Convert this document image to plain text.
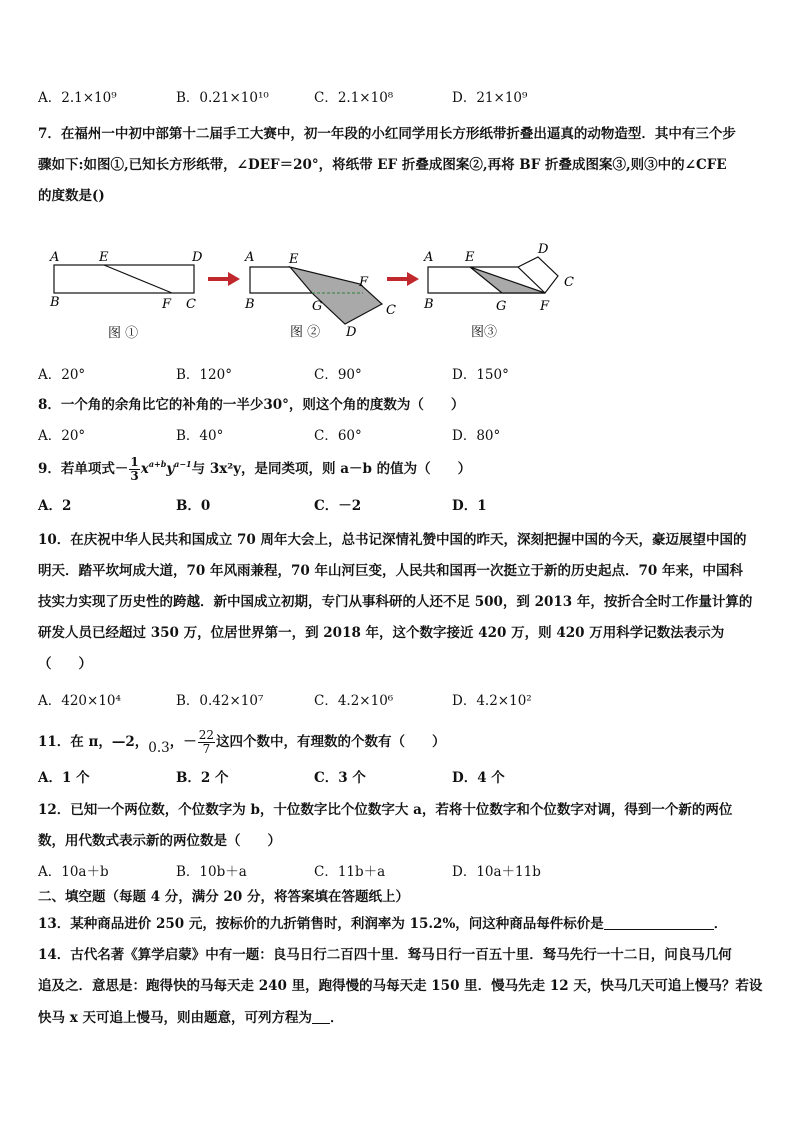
A．2.1×10⁹	B．0.21×10¹⁰	C．2.1×10⁸	D．21×10⁹
7．在福州一中初中部第十二届手工大赛中，初一年段的小红同学用长方形纸带折叠出逼真的动物造型．其中有三个步
骤如下:如图①,已知长方形纸带，∠DEF＝20°，将纸带 EF 折叠成图案②,再将 BF 折叠成图案③,则③中的∠CFE
的度数是()
A	E	D
B	F C
A	E
F
B	G	C
D
A E
D
C
B	G	F
图 ①	图 ②	图③
A．20°	B．120°	C．90°	D．150°
8．一个角的余角比它的补角的一半少30°，则这个角的度数为（　　）
A．20°	B．40°	C．60°	D．80°
9．若单项式－ $\frac{1}{3} x^{a+b}y^{a-1}$与 3x²y，是同类项，则 a－b 的值为（　　）
A．2	B．0	C．－2	D．1
10．在庆祝中华人民共和国成立 70 周年大会上，总书记深情礼赞中国的昨天，深刻把握中国的今天，豪迈展望中国的
明天．踏平坎坷成大道，70 年风雨兼程，70 年山河巨变，人民共和国再一次挺立于新的历史起点．70 年来，中国科
技实力实现了历史性的跨越．新中国成立初期，专门从事科研的人还不足 500，到 2013 年，按折合全时工作量计算的
研发人员已经超过 350 万，位居世界第一，到 2018 年，这个数字接近 420 万，则 420 万用科学记数法表示为
（　　）
A．420×10⁴	B．0.42×10⁷	C．4.2×10⁶	D．4.2×10²
11．在 π，—2，0.3，－ $\frac{22}{7}$ 这四个数中，有理数的个数有（　　）
A．1 个	B．2 个	C．3 个	D．4 个
12．已知一个两位数，个位数字为 b，十位数字比个位数字大 a，若将十位数字和个位数字对调，得到一个新的两位
数，用代数式表示新的两位数是（　　）
A．10a＋b	B．10b＋a	C．11b＋a	D．10a＋11b
二、填空题（每题 4 分，满分 20 分，将答案填在答题纸上）
13．某种商品进价 250 元，按标价的九折销售时，利润率为 15.2%，问这种商品每件标价是	．
14．古代名著《算学启蒙》中有一题：良马日行二百四十里．驽马日行一百五十里．驽马先行一十二日，问良马几何
追及之．意思是：跑得快的马每天走 240 里，跑得慢的马每天走 150 里．慢马先走 12 天，快马几天可追上慢马？若设
快马 x 天可追上慢马，则由题意，可列方程为 ．
